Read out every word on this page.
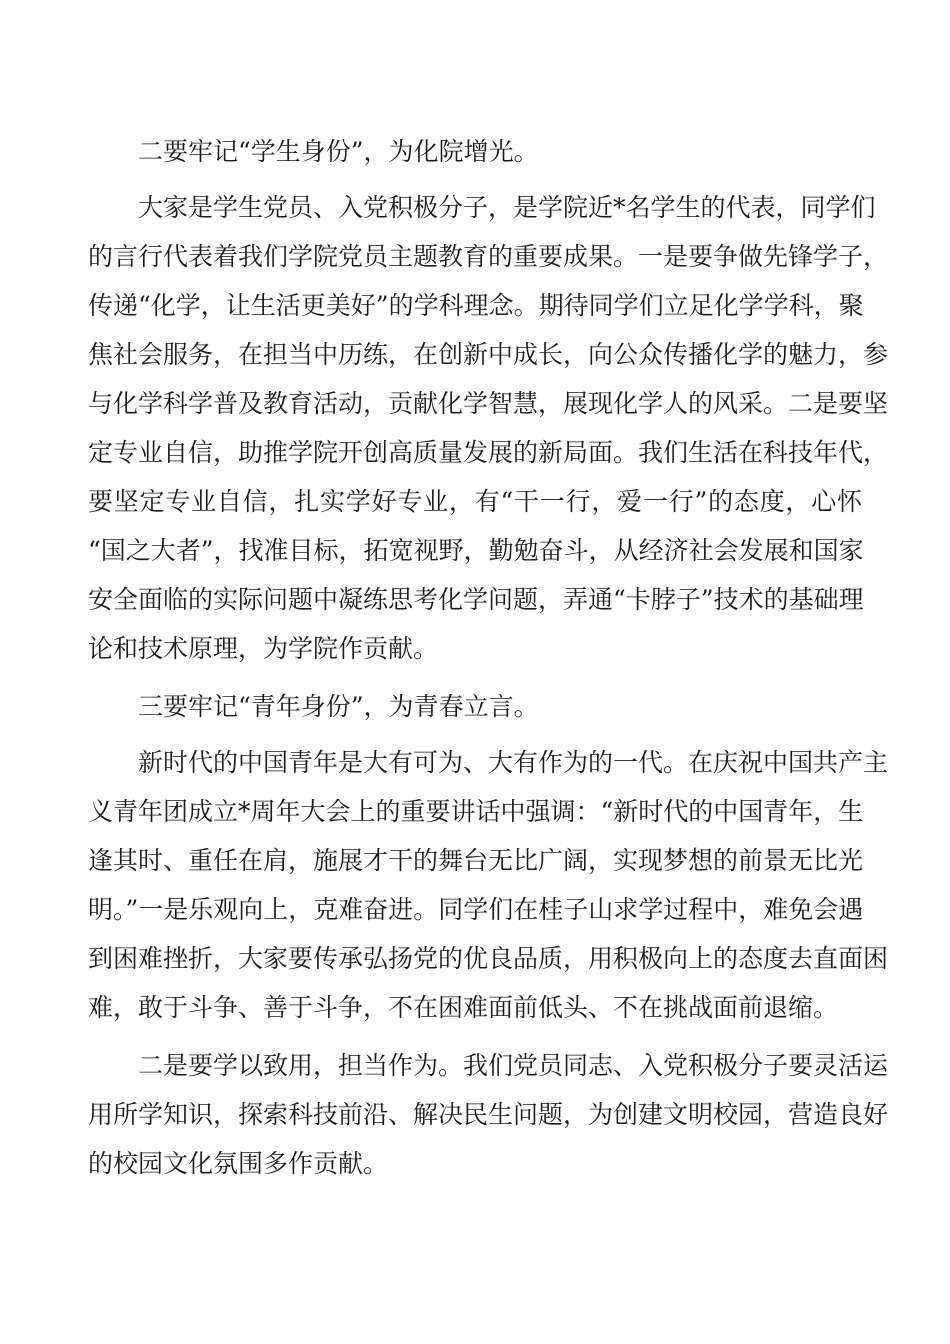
二要牢记“学生身份”，为化院增光。
大家是学生党员、入党积极分子，是学院近*名学生的代表，同学们
的言行代表着我们学院党员主题教育的重要成果。一是要争做先锋学子，
传递“化学，让生活更美好”的学科理念。期待同学们立足化学学科，聚
焦社会服务，在担当中历练，在创新中成长，向公众传播化学的魅力，参
与化学科学普及教育活动，贡献化学智慧，展现化学人的风采。二是要坚
定专业自信，助推学院开创高质量发展的新局面。我们生活在科技年代，
要坚定专业自信，扎实学好专业，有“干一行，爱一行”的态度，心怀
“国之大者”，找准目标，拓宽视野，勤勉奋斗，从经济社会发展和国家
安全面临的实际问题中凝练思考化学问题，弄通“卡脖子”技术的基础理
论和技术原理，为学院作贡献。
三要牢记“青年身份”，为青春立言。
新时代的中国青年是大有可为、大有作为的一代。在庆祝中国共产主
义青年团成立*周年大会上的重要讲话中强调：“新时代的中国青年，生
逢其时、重任在肩，施展才干的舞台无比广阔，实现梦想的前景无比光
明。”一是乐观向上，克难奋进。同学们在桂子山求学过程中，难免会遇
到困难挫折，大家要传承弘扬党的优良品质，用积极向上的态度去直面困
难，敢于斗争、善于斗争，不在困难面前低头、不在挑战面前退缩。
二是要学以致用，担当作为。我们党员同志、入党积极分子要灵活运
用所学知识，探索科技前沿、解决民生问题，为创建文明校园，营造良好
的校园文化氛围多作贡献。
